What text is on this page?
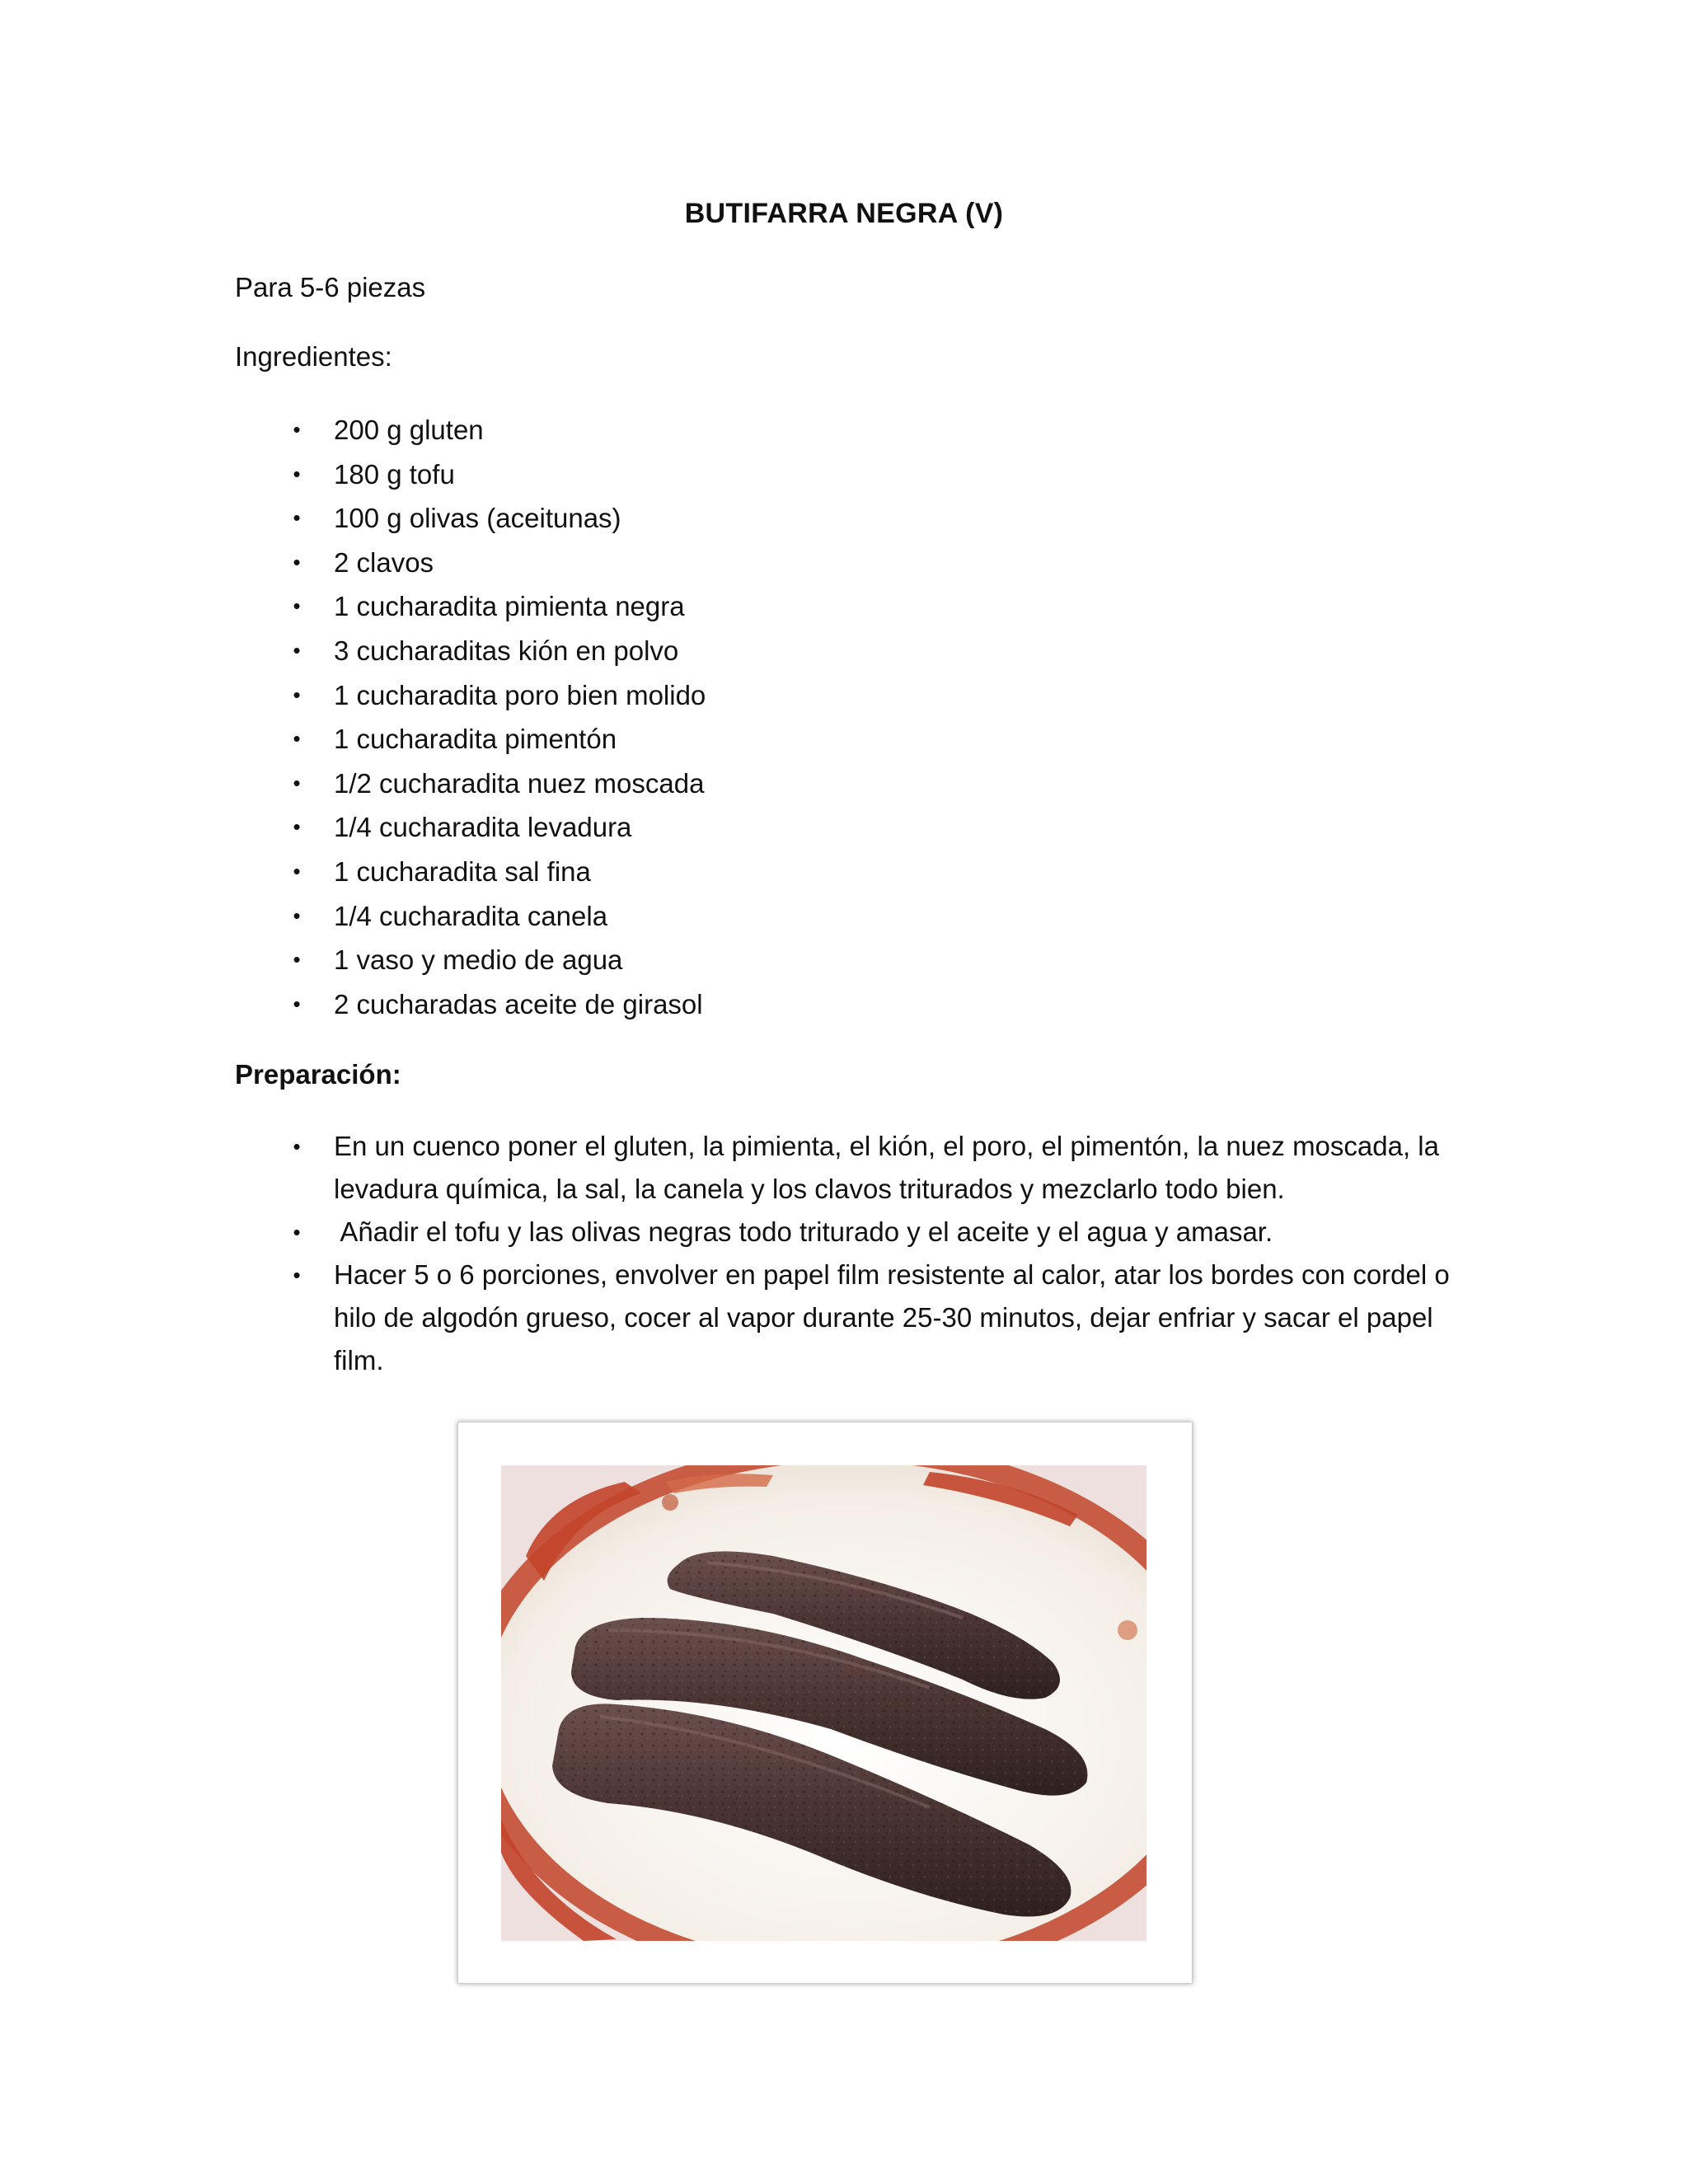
BUTIFARRA NEGRA (V)
Para 5-6 piezas
Ingredientes:
•	200 g gluten
•	180 g tofu
•	100 g olivas (aceitunas)
•	2 clavos
•	1 cucharadita pimienta negra
•	3 cucharaditas kión en polvo
•	1 cucharadita poro bien molido
•	1 cucharadita pimentón
•	1/2 cucharadita nuez moscada
•	1/4 cucharadita levadura
•	1 cucharadita sal fina
•	1/4 cucharadita canela
•	1 vaso y medio de agua
•	2 cucharadas aceite de girasol
Preparación:
•	En un cuenco poner el gluten, la pimienta, el kión, el poro, el pimentón, la nuez moscada, la levadura química, la sal, la canela y los clavos triturados y mezclarlo todo bien.
•	Añadir el tofu y las olivas negras todo triturado y el aceite y el agua y amasar.
•	Hacer 5 o 6 porciones, envolver en papel film resistente al calor, atar los bordes con cordel o hilo de algodón grueso, cocer al vapor durante 25-30 minutos, dejar enfriar y sacar el papel film.
